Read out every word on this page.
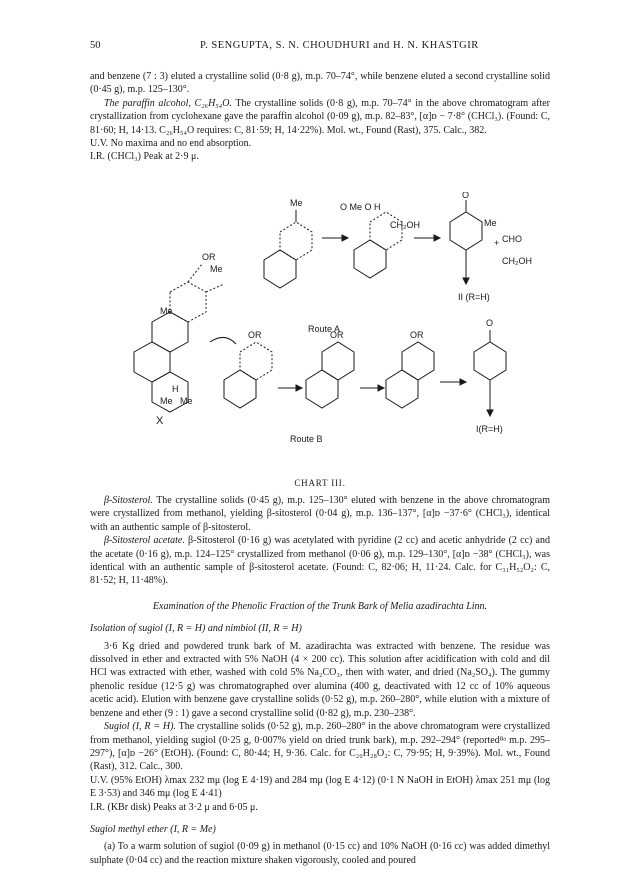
50	P. SENGUPTA, S. N. CHOUDHURI and H. N. KHASTGIR

and benzene (7 : 3) eluted a crystalline solid (0·8 g), m.p. 70–74°, while benzene eluted a second crystalline solid (0·45 g), m.p. 125–130°.

The paraffin alcohol, C₂₆H₅₄O. The crystalline solids (0·8 g), m.p. 70–74° in the above chromatogram after crystallization from cyclohexane gave the paraffin alcohol (0·09 g), m.p. 82–83°, [α]ᴅ − 7·8° (CHCl₃). (Found: C, 81·60; H, 14·13. C₂₆H₅₄O requires: C, 81·59; H, 14·22%). Mol. wt., Found (Rast), 375. Calc., 382.

U.V. No maxima and no end absorption.

I.R. (CHCl₃) Peak at 2·9 μ.

Me	O Me O H
CH₂OH
O
Me
CHO
+
CH₂OH
OR
Me
Me
H
Me Me
X
Route A
II (R=H)
OR	OR	OR
O
Route B
I(R=H)
CHART III.

β-Sitosterol. The crystalline solids (0·45 g), m.p. 125–130° eluted with benzene in the above chromatogram were crystallized from methanol, yielding β-sitosterol (0·04 g), m.p. 136–137°, [α]ᴅ −37·6° (CHCl₃), identical with an authentic sample of β-sitosterol.

β-Sitosterol acetate. β-Sitosterol (0·16 g) was acetylated with pyridine (2 cc) and acetic anhydride (2 cc) and the acetate (0·16 g), m.p. 124–125° crystallized from methanol (0·06 g), m.p. 129–130°, [α]ᴅ −38° (CHCl₃), was identical with an authentic sample of β-sitosterol acetate. (Found: C, 82·06; H, 11·24. Calc. for C₃₁H₅₂O₂: C, 81·52; H, 11·48%).

Examination of the Phenolic Fraction of the Trunk Bark of Melia azadirachta Linn.

Isolation of sugiol (I, R = H) and nimbiol (II, R = H)

3·6 Kg dried and powdered trunk bark of M. azadirachta was extracted with benzene. The residue was dissolved in ether and extracted with 5% NaOH (4 × 200 cc). This solution after acidification with cold and dil HCl was extracted with ether, washed with cold 5% Na₂CO₃, then with water, and dried (Na₂SO₄). The gummy phenolic residue (12·5 g) was chromatographed over alumina (400 g, deactivated with 12 cc of 10% aqueous acetic acid). Elution with benzene gave crystalline solids (0·52 g), m.p. 260–280°, while elution with a mixture of benzene and ether (9 : 1) gave a second crystalline solid (0·82 g), m.p. 230–238°.

Sugiol (I, R = H). The crystalline solids (0·52 g), m.p. 260–280° in the above chromatogram were crystallized from methanol, yielding sugiol (0·25 g, 0·007% yield on dried trunk bark), m.p. 292–294° (reported⁸ᵃ m.p. 295–297°), [α]ᴅ −26° (EtOH). (Found: C, 80·44; H, 9·36. Calc. for C₂₀H₂₈O₂: C, 79·95; H, 9·39%). Mol. wt., Found (Rast), 312. Calc., 300.

U.V. (95% EtOH) λmax 232 mμ (log E 4·19) and 284 mμ (log E 4·12) (0·1 N NaOH in EtOH) λmax 251 mμ (log E 3·53) and 346 mμ (log E 4·41)

I.R. (KBr disk) Peaks at 3·2 μ and 6·05 μ.

Sugiol methyl ether (I, R = Me)

(a) To a warm solution of sugiol (0·09 g) in methanol (0·15 cc) and 10% NaOH (0·16 cc) was added dimethyl sulphate (0·04 cc) and the reaction mixture shaken vigorously, cooled and poured
